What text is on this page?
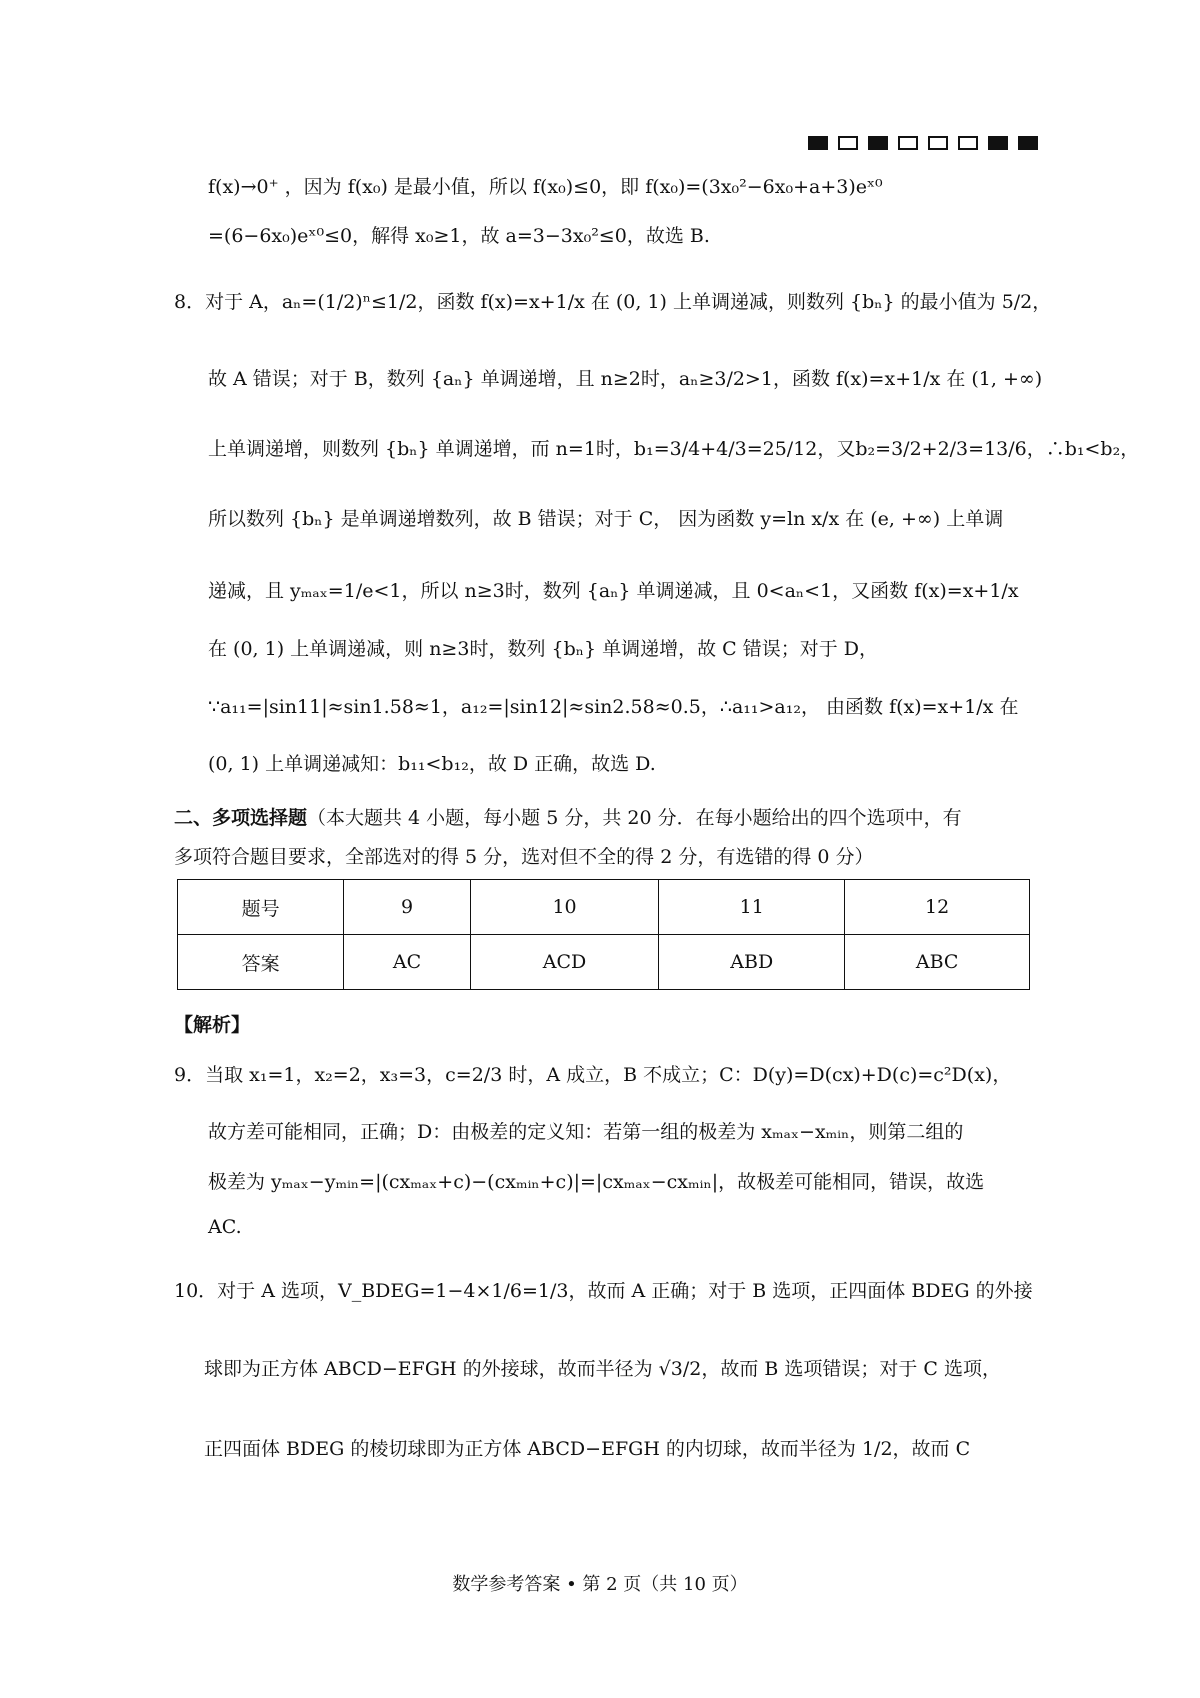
f(x)→0⁺ ，因为 f(x₀) 是最小值，所以 f(x₀)≤0，即 f(x₀)=(3x₀²−6x₀+a+3)eˣ⁰
=(6−6x₀)eˣ⁰≤0，解得 x₀≥1，故 a=3−3x₀²≤0，故选 B.
8．对于 A，aₙ=(1/2)ⁿ≤1/2，函数 f(x)=x+1/x 在 (0, 1) 上单调递减，则数列 {bₙ} 的最小值为 5/2，
故 A 错误；对于 B，数列 {aₙ} 单调递增，且 n≥2时，aₙ≥3/2>1，函数 f(x)=x+1/x 在 (1, +∞)
上单调递增，则数列 {bₙ} 单调递增，而 n=1时，b₁=3/4+4/3=25/12，又b₂=3/2+2/3=13/6，∴b₁<b₂，
所以数列 {bₙ} 是单调递增数列，故 B 错误；对于 C， 因为函数 y=ln x/x 在 (e, +∞) 上单调
递减，且 yₘₐₓ=1/e<1，所以 n≥3时，数列 {aₙ} 单调递减，且 0<aₙ<1，又函数 f(x)=x+1/x
在 (0, 1) 上单调递减，则 n≥3时，数列 {bₙ} 单调递增，故 C 错误；对于 D，
∵a₁₁=|sin11|≈sin1.58≈1，a₁₂=|sin12|≈sin2.58≈0.5，∴a₁₁>a₁₂， 由函数 f(x)=x+1/x 在
(0, 1) 上单调递减知：b₁₁<b₁₂，故 D 正确，故选 D.
二、多项选择题（本大题共 4 小题，每小题 5 分，共 20 分．在每小题给出的四个选项中，有
多项符合题目要求，全部选对的得 5 分，选对但不全的得 2 分，有选错的得 0 分）
题号	9	10	11	12
答案	AC	ACD	ABD	ABC
【解析】
9．当取 x₁=1，x₂=2，x₃=3，c=2/3 时，A 成立，B 不成立；C：D(y)=D(cx)+D(c)=c²D(x)，
故方差可能相同，正确；D：由极差的定义知：若第一组的极差为 xₘₐₓ−xₘᵢₙ，则第二组的
极差为 yₘₐₓ−yₘᵢₙ=|(cxₘₐₓ+c)−(cxₘᵢₙ+c)|=|cxₘₐₓ−cxₘᵢₙ|，故极差可能相同，错误，故选
AC.
10．对于 A 选项，V_BDEG=1−4×1/6=1/3，故而 A 正确；对于 B 选项，正四面体 BDEG 的外接
球即为正方体 ABCD−EFGH 的外接球，故而半径为 √3/2，故而 B 选项错误；对于 C 选项，
正四面体 BDEG 的棱切球即为正方体 ABCD−EFGH 的内切球，故而半径为 1/2，故而 C
数学参考答案 • 第 2 页（共 10 页）
